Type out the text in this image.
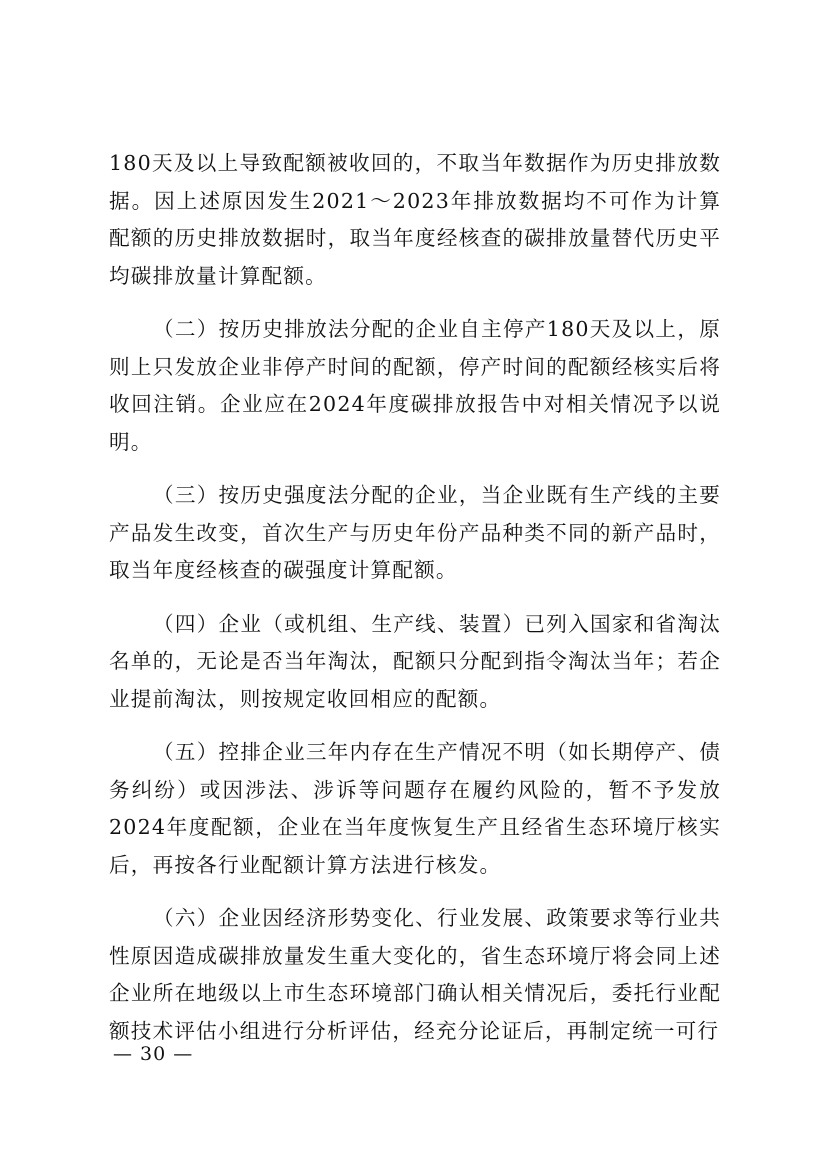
180天及以上导致配额被收回的，不取当年数据作为历史排放数据。因上述原因发生2021～2023年排放数据均不可作为计算配额的历史排放数据时，取当年度经核查的碳排放量替代历史平均碳排放量计算配额。

（二）按历史排放法分配的企业自主停产180天及以上，原则上只发放企业非停产时间的配额，停产时间的配额经核实后将收回注销。企业应在2024年度碳排放报告中对相关情况予以说明。

（三）按历史强度法分配的企业，当企业既有生产线的主要产品发生改变，首次生产与历史年份产品种类不同的新产品时，取当年度经核查的碳强度计算配额。

（四）企业（或机组、生产线、装置）已列入国家和省淘汰名单的，无论是否当年淘汰，配额只分配到指令淘汰当年；若企业提前淘汰，则按规定收回相应的配额。

（五）控排企业三年内存在生产情况不明（如长期停产、债务纠纷）或因涉法、涉诉等问题存在履约风险的，暂不予发放2024年度配额，企业在当年度恢复生产且经省生态环境厅核实后，再按各行业配额计算方法进行核发。

（六）企业因经济形势变化、行业发展、政策要求等行业共性原因造成碳排放量发生重大变化的，省生态环境厅将会同上述企业所在地级以上市生态环境部门确认相关情况后，委托行业配额技术评估小组进行分析评估，经充分论证后，再制定统一可行

— 30 —
